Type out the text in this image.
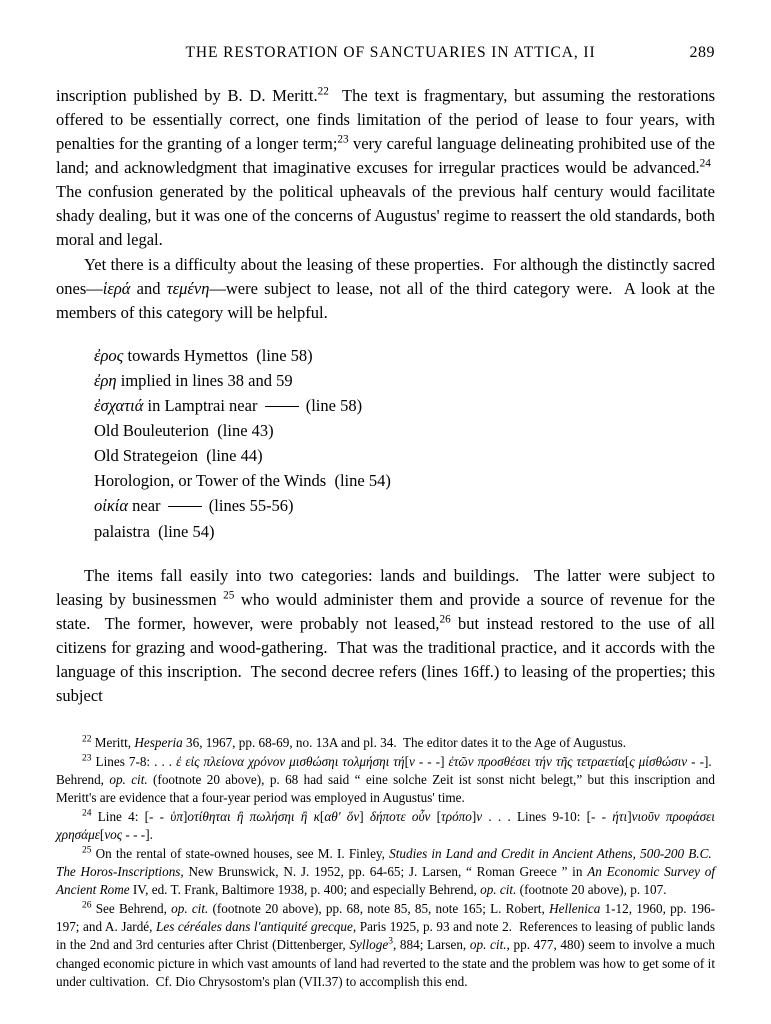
THE RESTORATION OF SANCTUARIES IN ATTICA, II	289

inscription published by B. D. Meritt.$^{22}$  The text is fragmentary, but assuming the restorations offered to be essentially correct, one finds limitation of the period of lease to four years, with penalties for the granting of a longer term;$^{23}$ very careful language delineating prohibited use of the land; and acknowledgment that imaginative excuses for irregular practices would be advanced.$^{24}$  The confusion generated by the political upheavals of the previous half century would facilitate shady dealing, but it was one of the concerns of Augustus' regime to reassert the old standards, both moral and legal.

Yet there is a difficulty about the leasing of these properties.  For although the distinctly sacred ones—ἱερά and τεμένη—were subject to lease, not all of the third category were.  A look at the members of this category will be helpful.

ἐρος towards Hymettos  (line 58)
ἐρη implied in lines 38 and 59
ἐσχατιά in Lamptrai near  (line 58)
Old Bouleuterion  (line 43)
Old Strategeion  (line 44)
Horologion, or Tower of the Winds  (line 54)
οἰκία near  (lines 55-56)
palaistra  (line 54)

The items fall easily into two categories: lands and buildings.  The latter were subject to leasing by businessmen $^{25}$ who would administer them and provide a source of revenue for the state.  The former, however, were probably not leased,$^{26}$ but instead restored to the use of all citizens for grazing and wood-gathering.  That was the traditional practice, and it accords with the language of this inscription.  The second decree refers (lines 16ff.) to leasing of the properties; this subject

$^{22}$ Meritt, Hesperia 36, 1967, pp. 68-69, no. 13A and pl. 34.  The editor dates it to the Age of Augustus.

$^{23}$ Lines 7-8: . . . ἐ εἰς πλείονα χρόνον μισθώσηι τολμήσηι τή[ν - - -] ἐτῶν προσθέσει τήν τῆς τετραετία[ς μίσθώσιν - -].  Behrend, op. cit. (footnote 20 above), p. 68 had said “ eine solche Zeit ist sonst nicht belegt,” but this inscription and Meritt's are evidence that a four-year period was employed in Augustus' time.

$^{24}$ Line 4: [- - ὑπ]οτίθηται ἢ πωλήσηι ἢ κ[αθ' ὅν] δήποτε οὖν [τρόπο]ν . . . Lines 9-10: [- - ήτι]νιοῦν προφάσει χρησάμε[νος - - -].

$^{25}$ On the rental of state-owned houses, see M. I. Finley, Studies in Land and Credit in Ancient Athens, 500-200 B.C.  The Horos-Inscriptions, New Brunswick, N. J. 1952, pp. 64-65; J. Larsen, “ Roman Greece ” in An Economic Survey of Ancient Rome IV, ed. T. Frank, Baltimore 1938, p. 400; and especially Behrend, op. cit. (footnote 20 above), p. 107.

$^{26}$ See Behrend, op. cit. (footnote 20 above), pp. 68, note 85, 85, note 165; L. Robert, Hellenica 1-12, 1960, pp. 196-197; and A. Jardé, Les céréales dans l'antiquité grecque, Paris 1925, p. 93 and note 2.  References to leasing of public lands in the 2nd and 3rd centuries after Christ (Dittenberger, Sylloge$^3$, 884; Larsen, op. cit., pp. 477, 480) seem to involve a much changed economic picture in which vast amounts of land had reverted to the state and the problem was how to get some of it under cultivation.  Cf. Dio Chrysostom's plan (VII.37) to accomplish this end.
